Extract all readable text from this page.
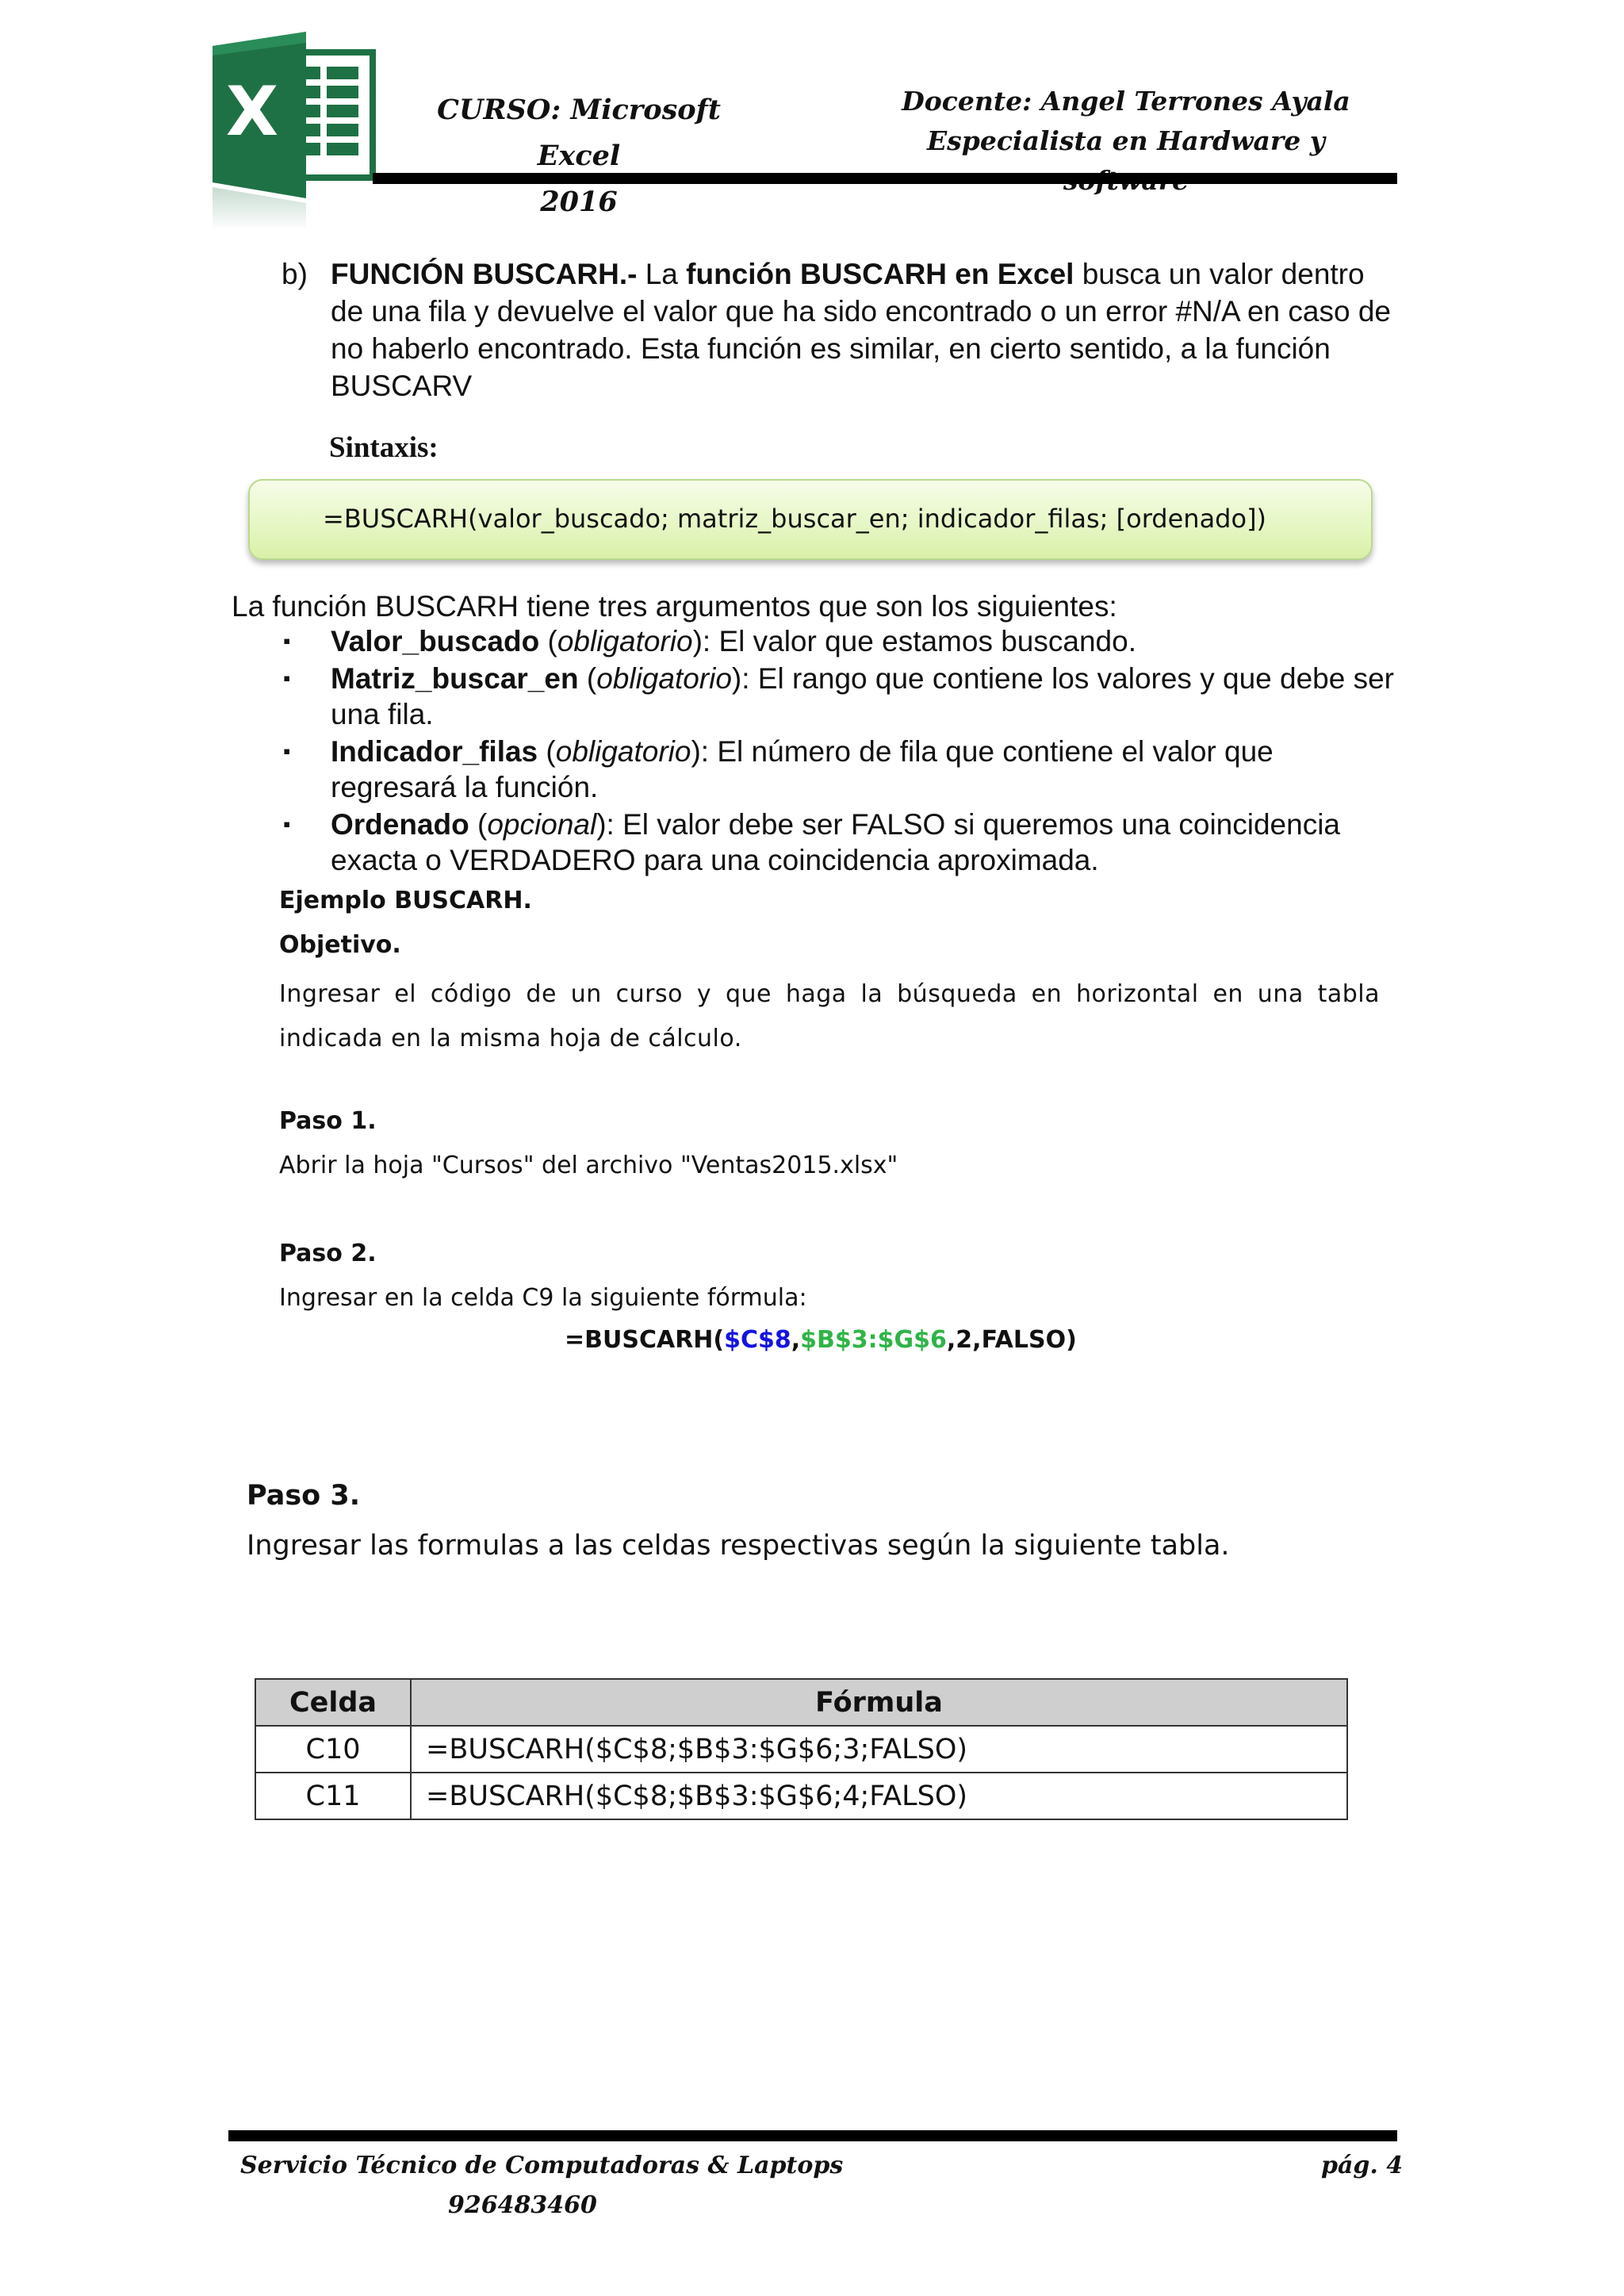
X	CURSO: Microsoft Excel
2016
Docente: Angel Terrones Ayala
Especialista en Hardware y
b) FUNCIÓN BUSCARH.- La función BUSCARH en Excel busca un valor dentro de una fila y devuelve el valor que ha sido encontrado o un error #N/A en caso de no haberlo encontrado. Esta función es similar, en cierto sentido, a la función BUSCARV
Sintaxis:
=BUSCARH(valor_buscado; matriz_buscar_en; indicador_filas; [ordenado])
La función BUSCARH tiene tres argumentos que son los siguientes:
▪ Valor_buscado (obligatorio): El valor que estamos buscando.
▪ Matriz_buscar_en (obligatorio): El rango que contiene los valores y que debe ser una fila.
▪ Indicador_filas (obligatorio): El número de fila que contiene el valor que regresará la función.
▪ Ordenado (opcional): El valor debe ser FALSO si queremos una coincidencia exacta o VERDADERO para una coincidencia aproximada.
Ejemplo BUSCARH.
Objetivo.
Ingresar el código de un curso y que haga la búsqueda en horizontal en una tabla indicada en la misma hoja de cálculo.
Paso 1.
Abrir la hoja "Cursos" del archivo "Ventas2015.xlsx"
Paso 2.
Ingresar en la celda C9 la siguiente fórmula:
=BUSCARH($C$8,$B$3:$G$6,2,FALSO)
Paso 3.
Ingresar las formulas a las celdas respectivas según la siguiente tabla.
Celda	Fórmula
C10	=BUSCARH($C$8;$B$3:$G$6;3;FALSO)
C11	=BUSCARH($C$8;$B$3:$G$6;4;FALSO)
Servicio Técnico de Computadoras & Laptops
926483460
pág. 4
